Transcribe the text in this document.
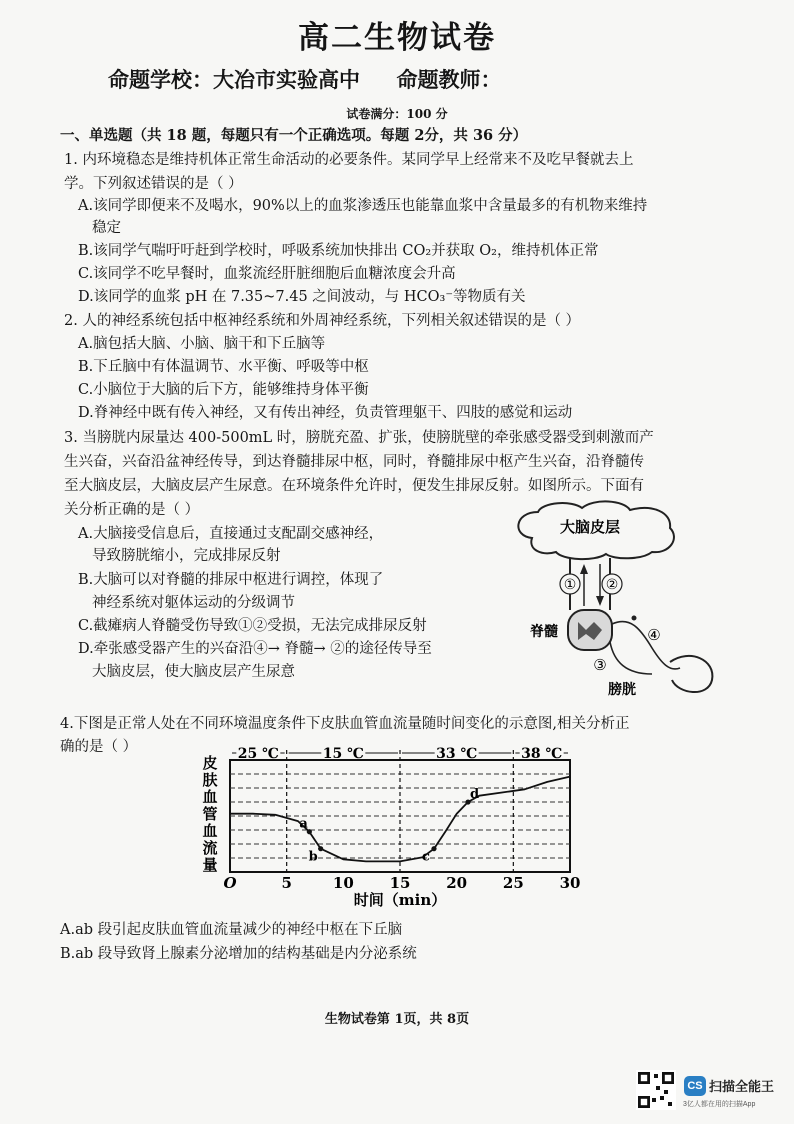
高二生物试卷
命题学校：大冶市实验高中     命题教师：
试卷满分：100 分
一、单选题（共 18 题，每题只有一个正确选项。每题 2分，共 36 分）
1. 内环境稳态是维持机体正常生命活动的必要条件。某同学早上经常来不及吃早餐就去上
学。下列叙述错误的是（ ）
A.该同学即便来不及喝水，90%以上的血浆渗透压也能靠血浆中含量最多的有机物来维持
稳定
B.该同学气喘吁吁赶到学校时，呼吸系统加快排出 CO₂并获取 O₂，维持机体正常
C.该同学不吃早餐时，血浆流经肝脏细胞后血糖浓度会升高
D.该同学的血浆 pH 在 7.35~7.45 之间波动，与 HCO₃⁻等物质有关
2. 人的神经系统包括中枢神经系统和外周神经系统，下列相关叙述错误的是（ ）
A.脑包括大脑、小脑、脑干和下丘脑等
B.下丘脑中有体温调节、水平衡、呼吸等中枢
C.小脑位于大脑的后下方，能够维持身体平衡
D.脊神经中既有传入神经，又有传出神经，负责管理躯干、四肢的感觉和运动
3. 当膀胱内尿量达 400-500mL 时，膀胱充盈、扩张，使膀胱壁的牵张感受器受到刺激而产
生兴奋，兴奋沿盆神经传导，到达脊髓排尿中枢，同时，脊髓排尿中枢产生兴奋，沿脊髓传
至大脑皮层，大脑皮层产生尿意。在环境条件允许时，便发生排尿反射。如图所示。下面有
关分析正确的是（ ）
A.大脑接受信息后，直接通过支配副交感神经，
导致膀胱缩小，完成排尿反射
B.大脑可以对脊髓的排尿中枢进行调控，体现了
神经系统对躯体运动的分级调节
C.截瘫病人脊髓受伤导致①②受损，无法完成排尿反射
D.牵张感受器产生的兴奋沿④→ 脊髓→ ②的途径传导至
大脑皮层，使大脑皮层产生尿意
大脑皮层
① ②
脊髓	④
③
膀胱
4.下图是正常人处在不同环境温度条件下皮肤血管血流量随时间变化的示意图,相关分析正
确的是（ ）	25 ℃	15 ℃	33 ℃	38 ℃
a
b	c
d
O	5	10 15 20 25 30
时间（min）
皮
肤
血
管
血
流
量
A.ab 段引起皮肤血管血流量减少的神经中枢在下丘脑
B.ab 段导致肾上腺素分泌增加的结构基础是内分泌系统
生物试卷第 1页，共 8页
CS 扫描全能王
3亿人都在用的扫描App
